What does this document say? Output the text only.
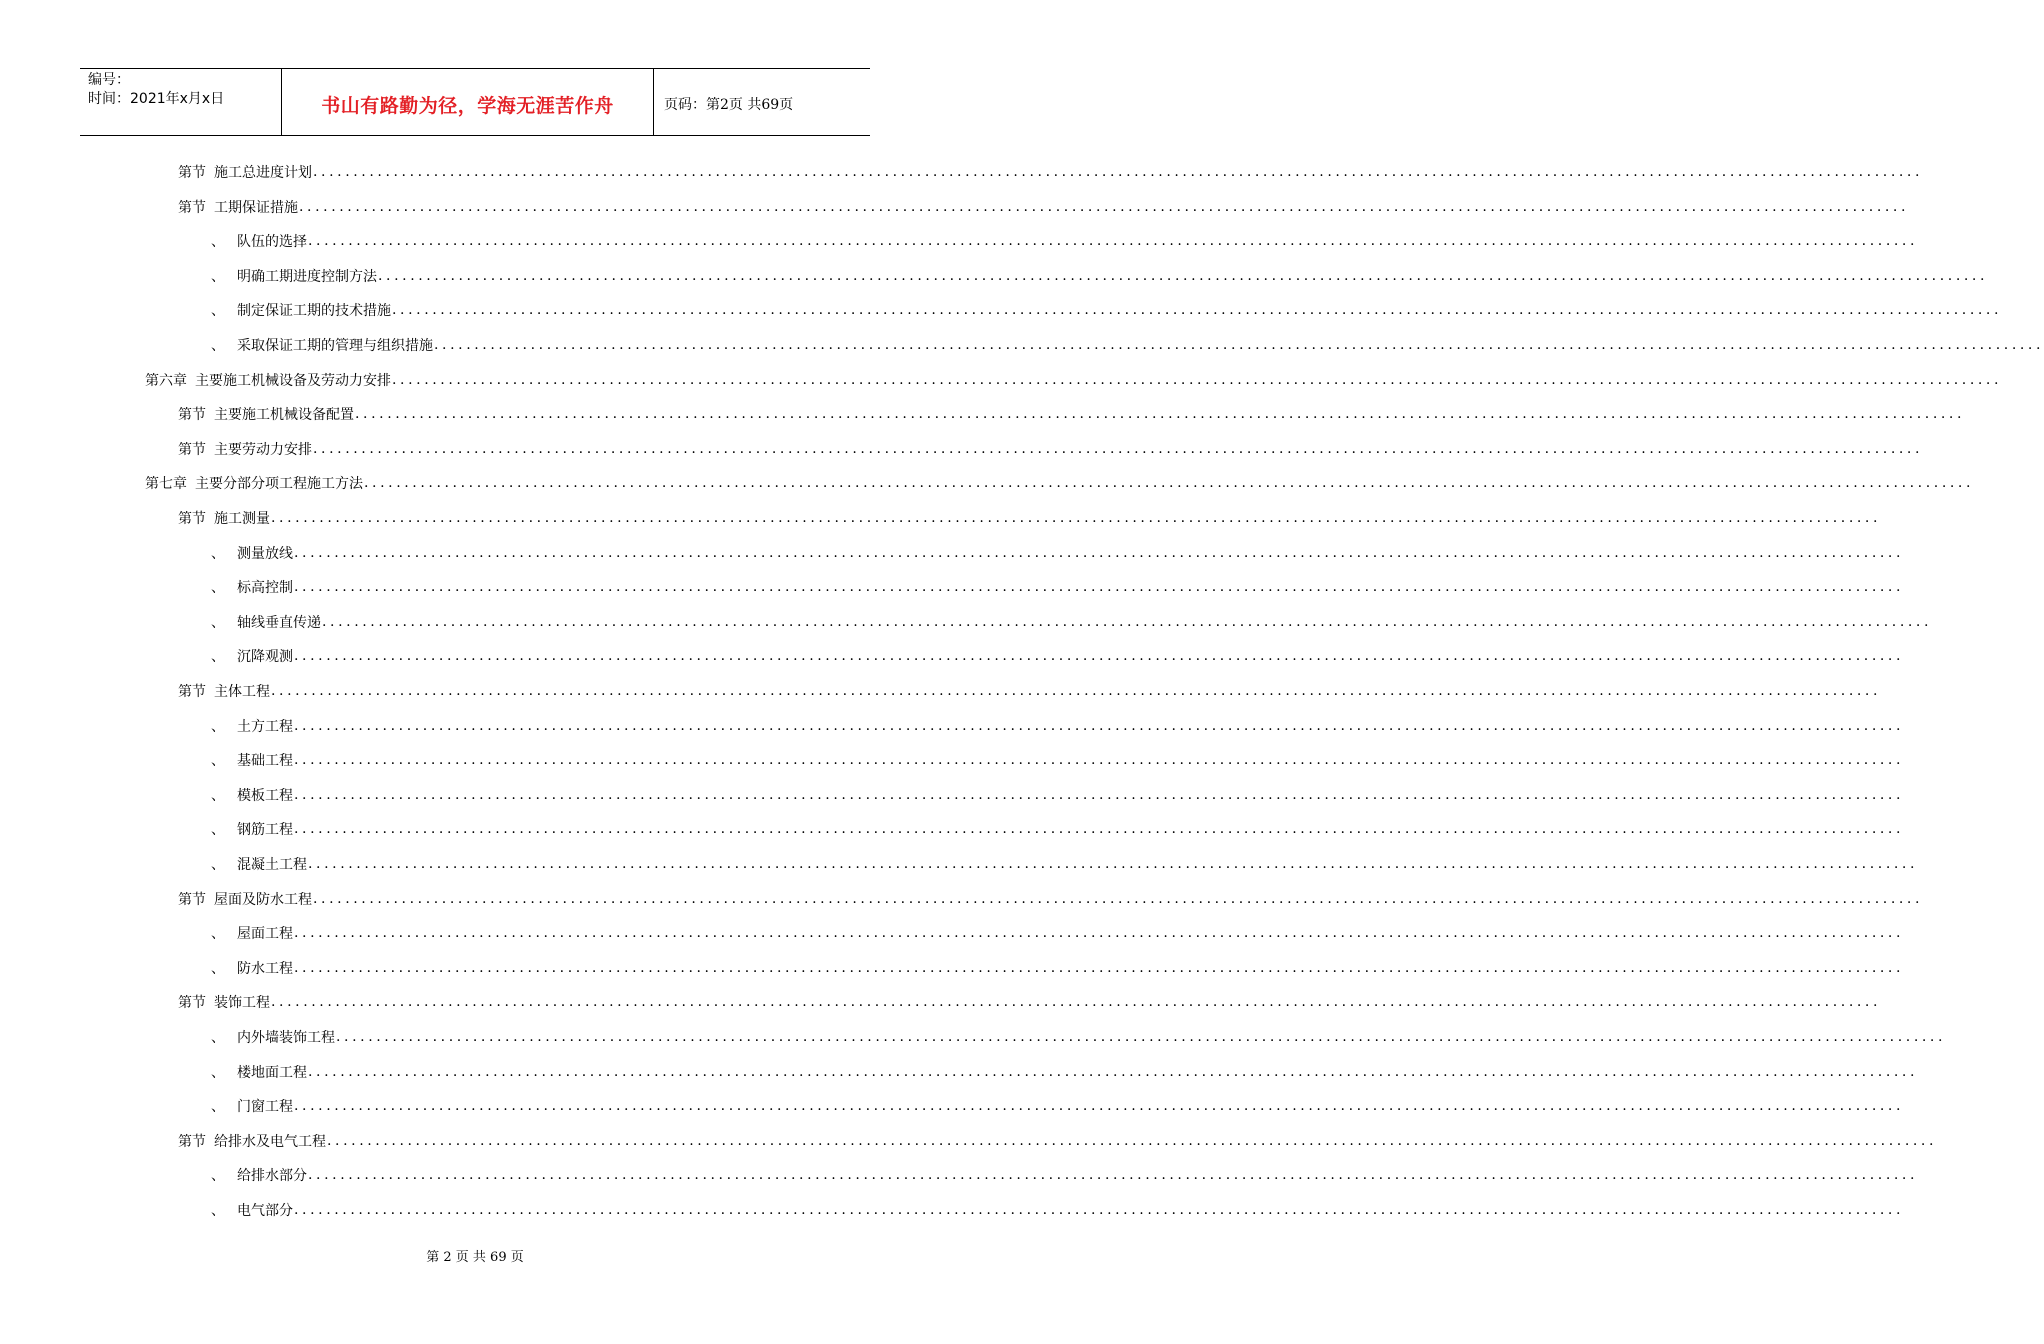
编号：
时间：2021年x月x日	书山有路勤为径，学海无涯苦作舟	页码：第2页 共69页
第节 施工总进度计划 ........................................................................................................................................................................................................
第节 工期保证措施 ........................................................................................................................................................................................................
、 队伍的选择 ........................................................................................................................................................................................................
、 明确工期进度控制方法 ........................................................................................................................................................................................................
、 制定保证工期的技术措施 ........................................................................................................................................................................................................
、 采取保证工期的管理与组织措施 ........................................................................................................................................................................................................
第六章 主要施工机械设备及劳动力安排 ........................................................................................................................................................................................................
第节 主要施工机械设备配置 ........................................................................................................................................................................................................
第节 主要劳动力安排 ........................................................................................................................................................................................................
第七章 主要分部分项工程施工方法 ........................................................................................................................................................................................................
第节 施工测量 ........................................................................................................................................................................................................
、 测量放线 ........................................................................................................................................................................................................
、 标高控制 ........................................................................................................................................................................................................
、 轴线垂直传递 ........................................................................................................................................................................................................
、 沉降观测 ........................................................................................................................................................................................................
第节 主体工程 ........................................................................................................................................................................................................
、 土方工程 ........................................................................................................................................................................................................
、 基础工程 ........................................................................................................................................................................................................
、 模板工程 ........................................................................................................................................................................................................
、 钢筋工程 ........................................................................................................................................................................................................
、 混凝土工程 ........................................................................................................................................................................................................
第节 屋面及防水工程 ........................................................................................................................................................................................................
、 屋面工程 ........................................................................................................................................................................................................
、 防水工程 ........................................................................................................................................................................................................
第节 装饰工程 ........................................................................................................................................................................................................
、 内外墙装饰工程 ........................................................................................................................................................................................................
、 楼地面工程 ........................................................................................................................................................................................................
、 门窗工程 ........................................................................................................................................................................................................
第节 给排水及电气工程 ........................................................................................................................................................................................................
、 给排水部分 ........................................................................................................................................................................................................
、 电气部分 ........................................................................................................................................................................................................
第 2 页 共 69 页
